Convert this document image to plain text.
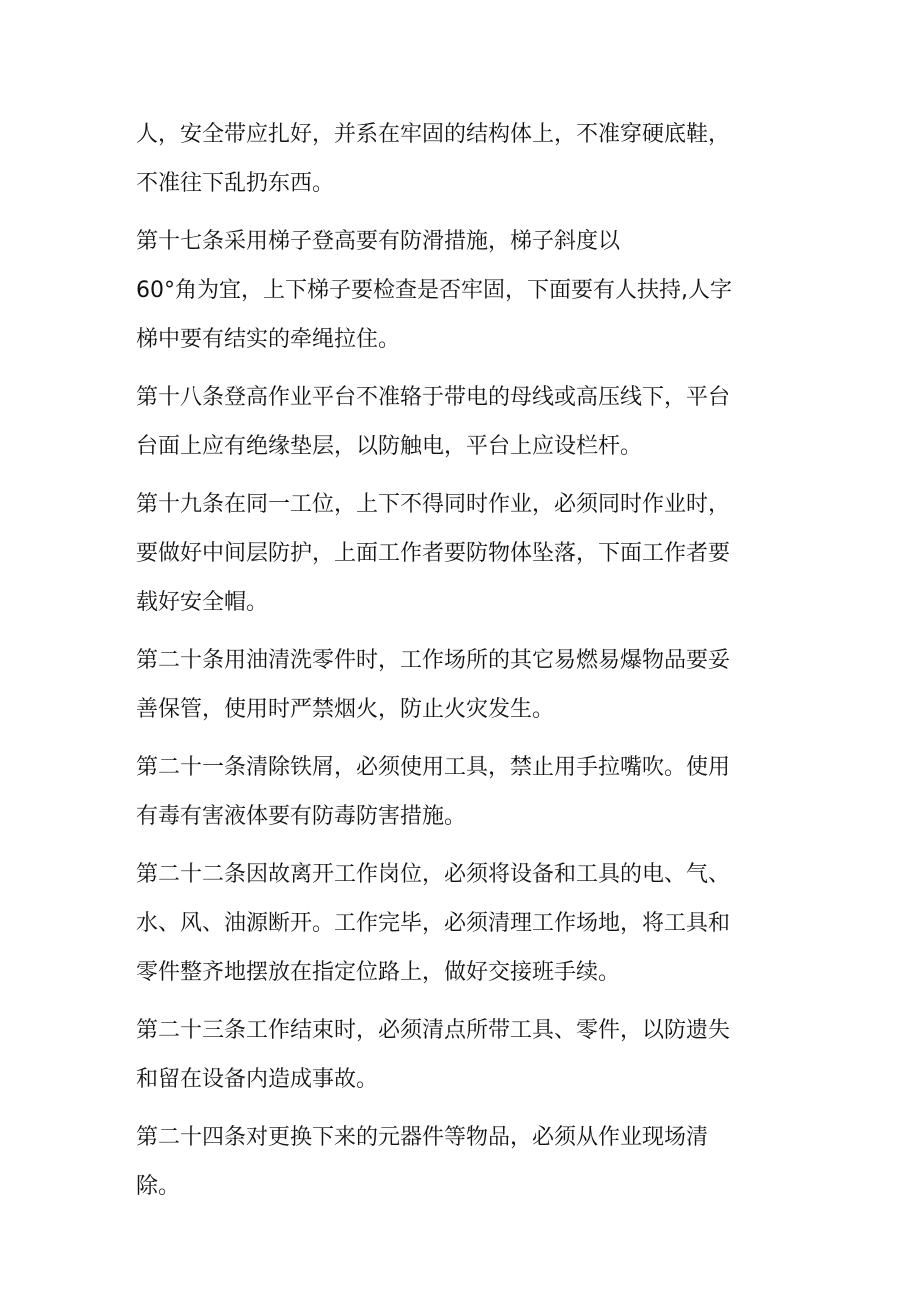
人，安全带应扎好，并系在牢固的结构体上，不准穿硬底鞋，
不准往下乱扔东西。
第十七条采用梯子登高要有防滑措施，梯子斜度以
60°角为宜，上下梯子要检查是否牢固，下面要有人扶持,人字
梯中要有结实的牵绳拉住。
第十八条登高作业平台不准辂于带电的母线或高压线下，平台
台面上应有绝缘垫层，以防触电，平台上应设栏杆。
第十九条在同一工位，上下不得同时作业，必须同时作业时，
要做好中间层防护，上面工作者要防物体坠落，下面工作者要
载好安全帽。
第二十条用油清洗零件时，工作场所的其它易燃易爆物品要妥
善保管，使用时严禁烟火，防止火灾发生。
第二十一条清除铁屑，必须使用工具，禁止用手拉嘴吹。使用
有毒有害液体要有防毒防害措施。
第二十二条因故离开工作岗位，必须将设备和工具的电、气、
水、风、油源断开。工作完毕，必须清理工作场地，将工具和
零件整齐地摆放在指定位路上，做好交接班手续。
第二十三条工作结束时，必须清点所带工具、零件，以防遗失
和留在设备内造成事故。
第二十四条对更换下来的元器件等物品，必须从作业现场清
除。
